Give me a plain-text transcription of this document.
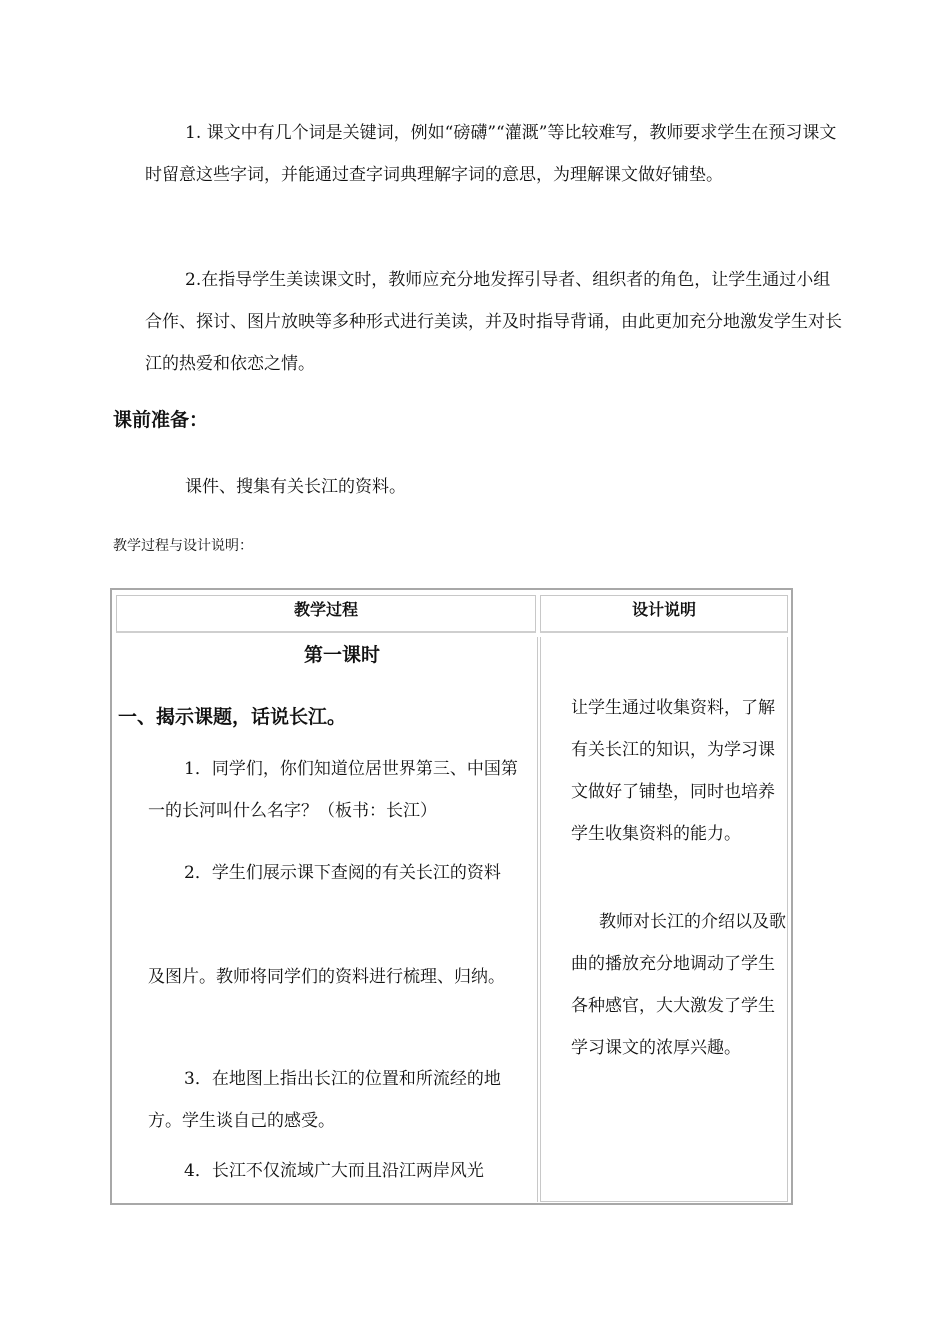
1. 课文中有几个词是关键词，例如“磅礴”“灌溉”等比较难写，教师要求学生在预习课文时留意这些字词，并能通过查字词典理解字词的意思，为理解课文做好铺垫。

2.在指导学生美读课文时，教师应充分地发挥引导者、组织者的角色，让学生通过小组合作、探讨、图片放映等多种形式进行美读，并及时指导背诵，由此更加充分地激发学生对长江的热爱和依恋之情。

课前准备：
课件、搜集有关长江的资料。
教学过程与设计说明：
教学过程	设计说明
第一课时
一、揭示课题，话说长江。

1．同学们，你们知道位居世界第三、中国第一的长河叫什么名字？（板书：长江）

2．学生们展示课下查阅的有关长江的资料

及图片。教师将同学们的资料进行梳理、归纳。

3．在地图上指出长江的位置和所流经的地方。学生谈自己的感受。

4．长江不仅流域广大而且沿江两岸风光

让学生通过收集资料，了解有关长江的知识，为学习课文做好了铺垫，同时也培养学生收集资料的能力。

教师对长江的介绍以及歌曲的播放充分地调动了学生各种感官，大大激发了学生学习课文的浓厚兴趣。
